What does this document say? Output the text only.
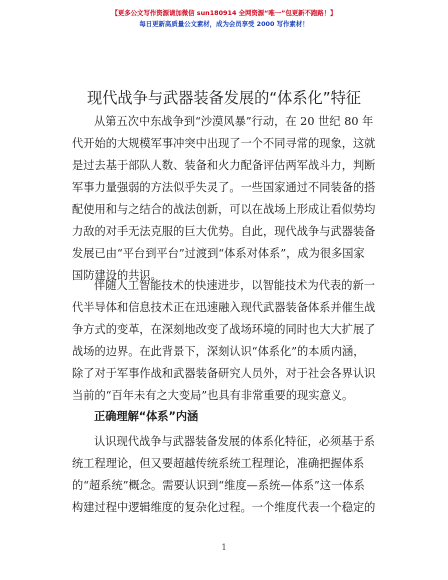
【更多公文写作资源请加微信 sun180914 全网资源“唯一”包更新不跑路！】
每日更新高质量公文素材，成为会员享受 2000 写作素材！
现代战争与武器装备发展的“体系化”特征
从第五次中东战争到“沙漠风暴”行动，在 20 世纪 80 年
代开始的大规模军事冲突中出现了一个不同寻常的现象，这就
是过去基于部队人数、装备和火力配备评估两军战斗力，判断
军事力量强弱的方法似乎失灵了。一些国家通过不同装备的搭
配使用和与之结合的战法创新，可以在战场上形成让看似势均
力敌的对手无法克服的巨大优势。自此，现代战争与武器装备
发展已由“平台到平台”过渡到“体系对体系”，成为很多国家
国防建设的共识。
伴随人工智能技术的快速进步，以智能技术为代表的新一
代半导体和信息技术正在迅速融入现代武器装备体系并催生战
争方式的变革，在深刻地改变了战场环境的同时也大大扩展了
战场的边界。在此背景下，深刻认识“体系化”的本质内涵，
除了对于军事作战和武器装备研究人员外，对于社会各界认识
当前的“百年未有之大变局”也具有非常重要的现实意义。
正确理解“体系”内涵
认识现代战争与武器装备发展的体系化特征，必须基于系
统工程理论，但又要超越传统系统工程理论，准确把握体系
的“超系统”概念。需要认识到“维度—系统—体系”这一体系
构建过程中逻辑维度的复杂化过程。一个维度代表一个稳定的
1
